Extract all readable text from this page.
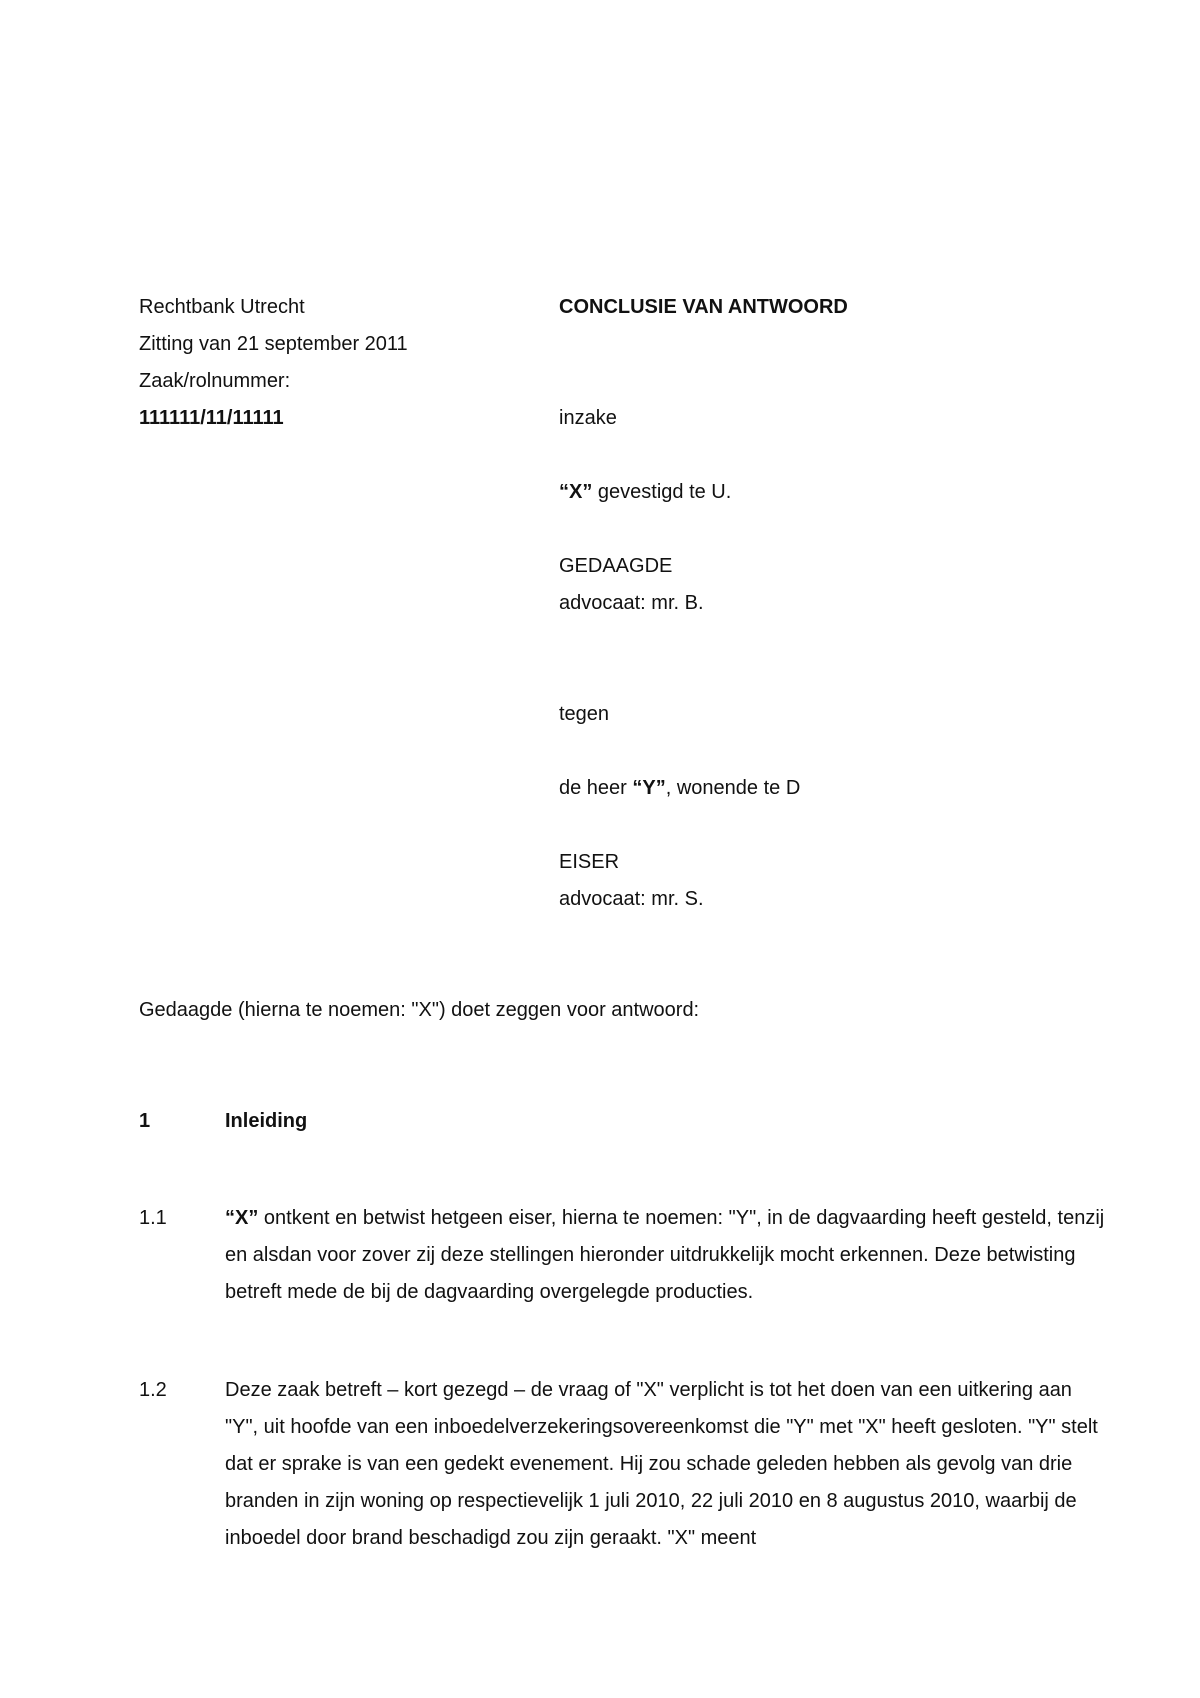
Rechtbank Utrecht
Zitting van 21 september 2011
Zaak/rolnummer:
111111/11/11111
CONCLUSIE VAN ANTWOORD
inzake
“X” gevestigd te U.
GEDAAGDE
advocaat: mr. B.
tegen
de heer “Y”, wonende te D
EISER
advocaat: mr. S.
Gedaagde (hierna te noemen: "X") doet zeggen voor antwoord:
1	Inleiding
1.1	“X” ontkent en betwist hetgeen eiser, hierna te noemen: "Y", in de dagvaarding heeft gesteld, tenzij en alsdan voor zover zij deze stellingen hieronder uitdrukkelijk mocht erkennen. Deze betwisting betreft mede de bij de dagvaarding overgelegde producties.
1.2	Deze zaak betreft – kort gezegd – de vraag of "X" verplicht is tot het doen van een uitkering aan "Y", uit hoofde van een inboedelverzekeringsovereenkomst die "Y" met "X" heeft gesloten. "Y" stelt dat er sprake is van een gedekt evenement. Hij zou schade geleden hebben als gevolg van drie branden in zijn woning op respectievelijk 1 juli 2010, 22 juli 2010 en 8 augustus 2010, waarbij de inboedel door brand beschadigd zou zijn geraakt. "X" meent
